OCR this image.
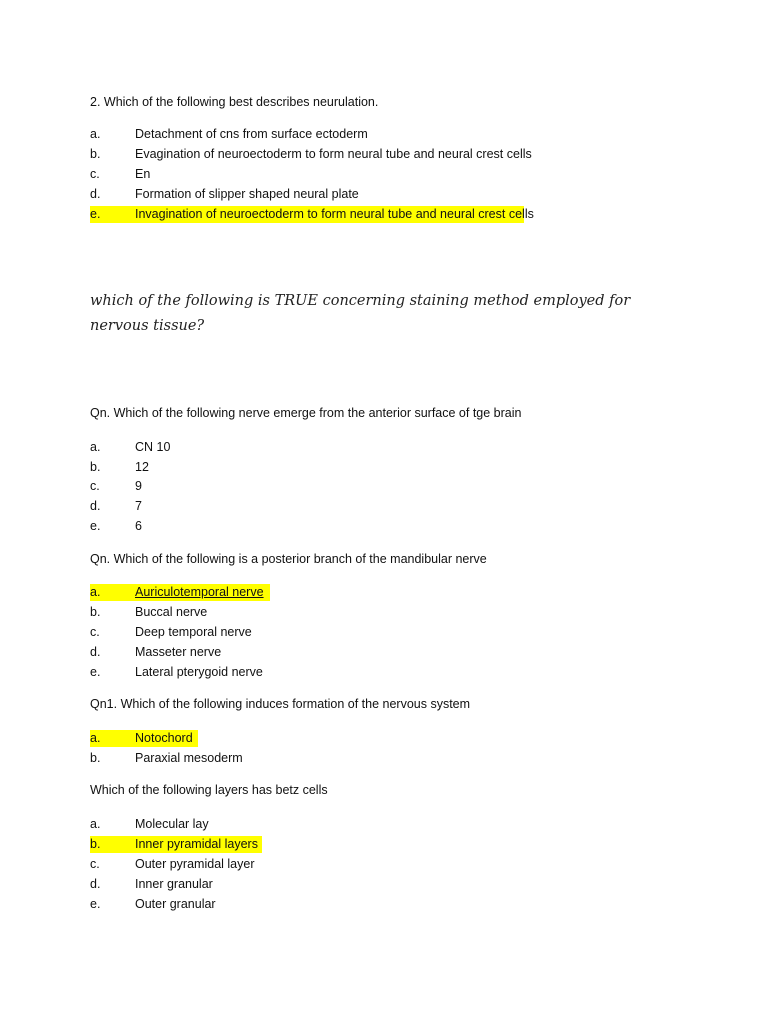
2. Which of the following best describes neurulation.
a.	Detachment of cns from surface ectoderm
b.	Evagination of neuroectoderm to form neural tube and neural crest cells
c.	En
d.	Formation of slipper shaped neural plate
e.	Invagination of neuroectoderm to form neural tube and neural crest cells
which of the following is TRUE concerning staining method employed for nervous tissue?
Qn. Which of the following nerve emerge from the anterior surface of tge brain
a.	CN 10
b.	12
c.	9
d.	7
e.	6
Qn. Which of the following is a posterior branch of the mandibular nerve
a.	Auriculotemporal nerve
b.	Buccal nerve
c.	Deep temporal nerve
d.	Masseter nerve
e.	Lateral pterygoid nerve
Qn1. Which of the following induces formation of the nervous system
a.	Notochord
b.	Paraxial mesoderm
Which of the following layers has betz cells
a.	Molecular lay
b.	Inner pyramidal layers
c.	Outer pyramidal layer
d.	Inner granular
e.	Outer granular
